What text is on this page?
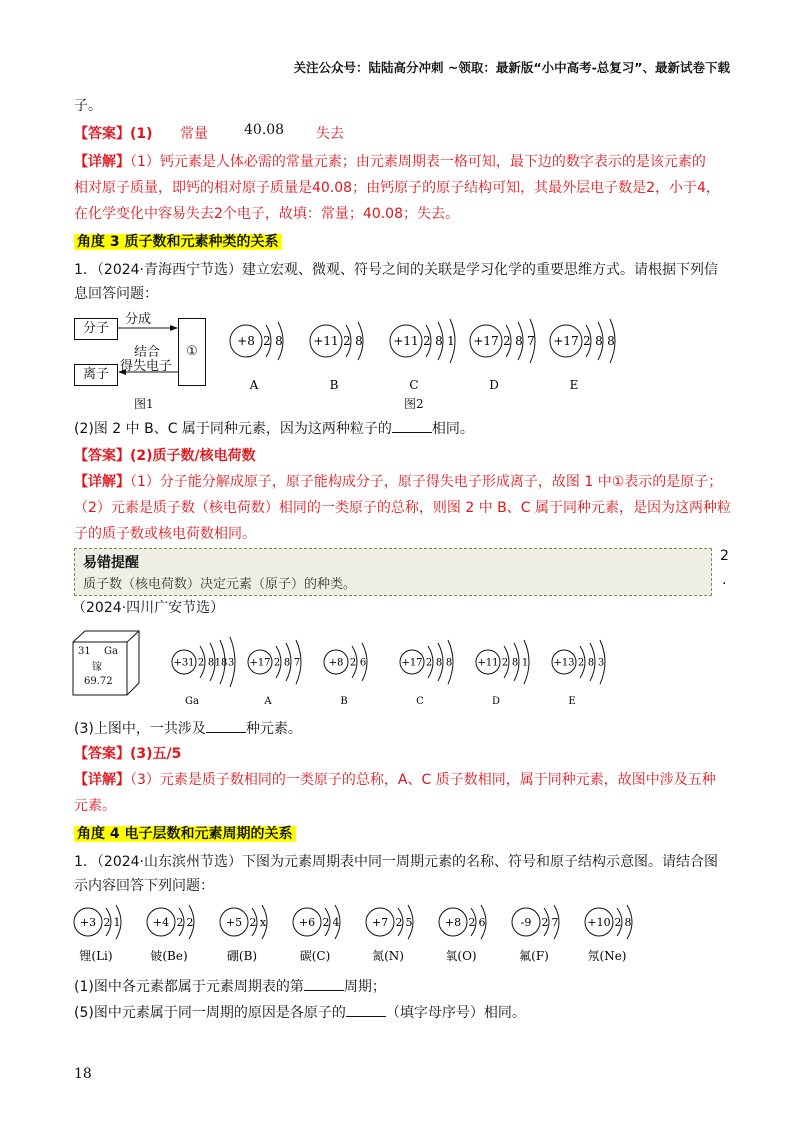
关注公众号：陆陆高分冲刺 ~领取：最新版“小中高考-总复习”、最新试卷下载
子。
【答案】(1) 常量	40.08 失去
【详解】（1）钙元素是人体必需的常量元素；由元素周期表一格可知，最下边的数字表示的是该元素的
相对原子质量，即钙的相对原子质量是40.08；由钙原子的原子结构可知，其最外层电子数是2，小于4，
在化学变化中容易失去2个电子，故填：常量；40.08；失去。
角度 3 质子数和元素种类的关系
1．（2024·青海西宁节选）建立宏观、微观、符号之间的关联是学习化学的重要思维方式。请根据下列信
息回答问题：
分子
离子
①
分成
结合
得失电子
图1
+8 2 8
A
+11 2 8
B
+11 2 8 1
C
+17 2 8 7
D
+17 2 8 8
E
图2
(2)图 2 中 B、C 属于同种元素，因为这两种粒子的	相同。
【答案】(2)质子数/核电荷数
【详解】（1）分子能分解成原子，原子能构成分子，原子得失电子形成离子，故图 1 中①表示的是原子；
（2）元素是质子数（核电荷数）相同的一类原子的总称，则图 2 中 B、C 属于同种元素，是因为这两种粒
子的质子数或核电荷数相同。
易错提醒
质子数（核电荷数）决定元素（原子）的种类。
2
.
（2024·四川广安节选）
31 Ga
镓
69.72
+31 2 8 18 3
Ga
+17 2 8 7
A
+8 2 6
B
+17 2 8 8
C
+11 2 8 1
D
+13 2 8 3
E
(3)上图中，一共涉及	种元素。
【答案】(3)五/5
【详解】（3）元素是质子数相同的一类原子的总称，A、C 质子数相同，属于同种元素，故图中涉及五种
元素。
角度 4 电子层数和元素周期的关系
1．（2024·山东滨州节选）下图为元素周期表中同一周期元素的名称、符号和原子结构示意图。请结合图
示内容回答下列问题：
+3 2 1
锂(Li)
+4 2 2
铍(Be)
+5 2 x
硼(B)
+6 2 4
碳(C)
+7 2 5
氮(N)
+8 2 6
氧(O)
-9 2 7
氟(F)
+10 2 8
氖(Ne)
(1)图中各元素都属于元素周期表的第	周期；
(5)图中元素属于同一周期的原因是各原子的	（填字母序号）相同。
18
